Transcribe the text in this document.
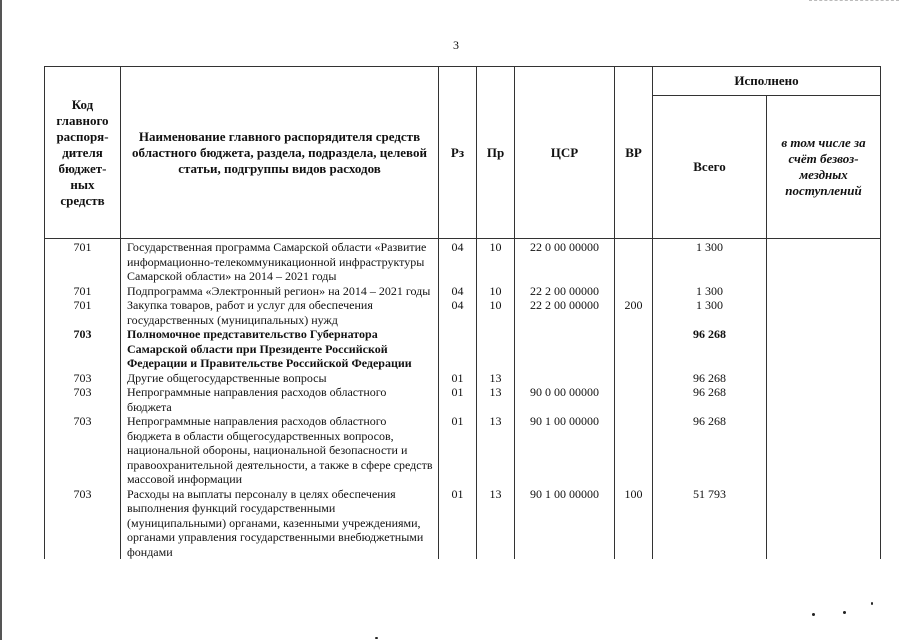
3
Код главного распоря-дителя бюджет-ных средств	Наименование главного распорядителя средств областного бюджета, раздела, подраздела, целевой статьи, подгруппы видов расходов	Рз	Пр	ЦСР	ВР	Исполнено	
						Всего	в том числе за счёт безвоз-мездных поступлений
701	Государственная программа Самарской области «Развитие информационно-телекоммуникационной инфраструктуры Самарской области» на 2014 – 2021 годы	04	10	22 0 00 00000		1 300	
701	Подпрограмма «Электронный регион» на 2014 – 2021 годы	04	10	22 2 00 00000		1 300	
701	Закупка товаров, работ и услуг для обеспечения государственных (муниципальных) нужд	04	10	22 2 00 00000	200	1 300	
703	Полномочное представительство Губернатора Самарской области при Президенте Российской Федерации и Правительстве Российской Федерации					96 268	
703	Другие общегосударственные вопросы	01	13			96 268	
703	Непрограммные направления расходов областного бюджета	01	13	90 0 00 00000		96 268	
703	Непрограммные направления расходов областного бюджета в области общегосударственных вопросов, национальной обороны, национальной безопасности и правоохранительной деятельности, а также в сфере средств массовой информации	01	13	90 1 00 00000		96 268	
703	Расходы на выплаты персоналу в целях обеспечения выполнения функций государственными (муниципальными) органами, казенными учреждениями, органами управления государственными внебюджетными фондами	01	13	90 1 00 00000	100	51 793	
